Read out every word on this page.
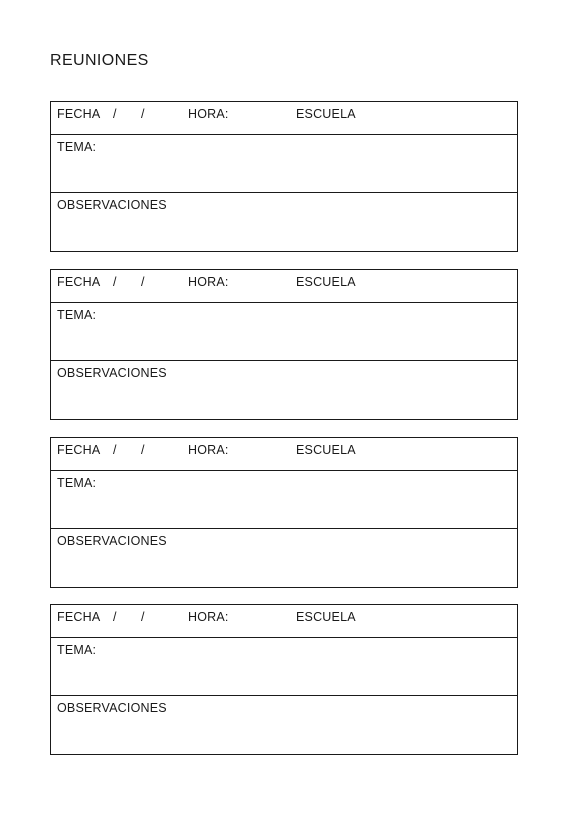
REUNIONES
FECHA / /	HORA:	ESCUELA
TEMA:
OBSERVACIONES
FECHA / /	HORA:	ESCUELA
TEMA:
OBSERVACIONES
FECHA / /	HORA:	ESCUELA
TEMA:
OBSERVACIONES
FECHA / /	HORA:	ESCUELA
TEMA:
OBSERVACIONES
